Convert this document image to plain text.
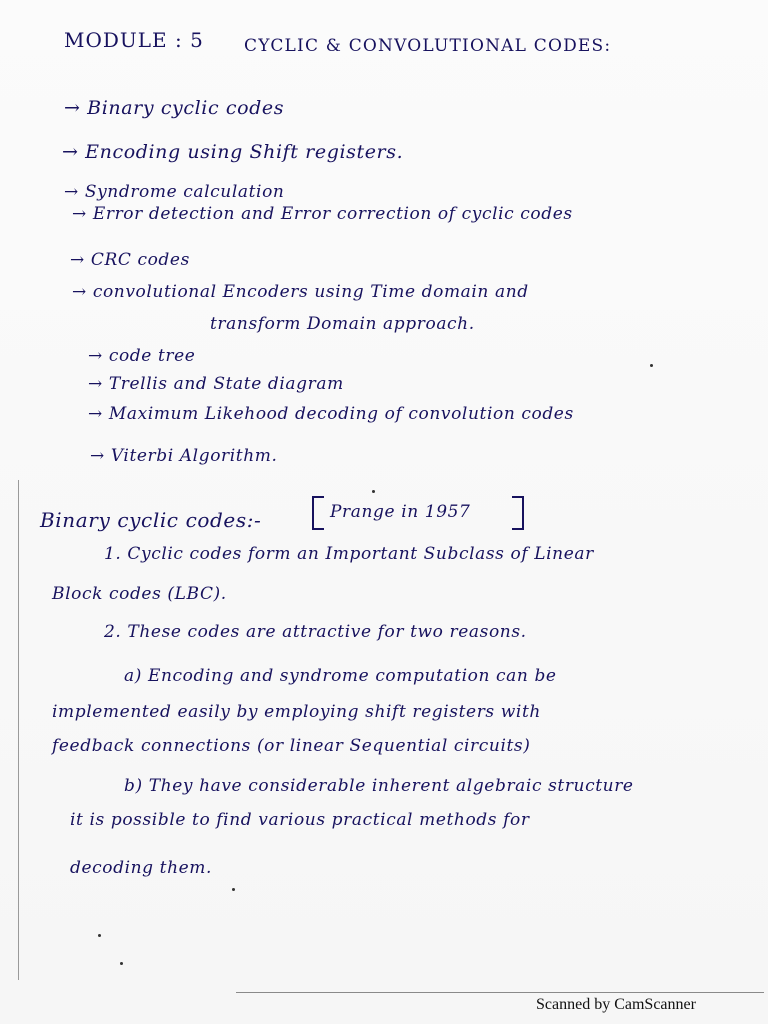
MODULE : 5 CYCLIC & CONVOLUTIONAL CODES:
→ Binary cyclic codes
→ Encoding using Shift registers.
→ Syndrome calculation
→ Error detection and Error correction of cyclic codes
→ CRC codes
→ convolutional Encoders using Time domain and
transform Domain approach.
→ code tree
→ Trellis and State diagram
→ Maximum Likehood decoding of convolution codes
→ Viterbi Algorithm.
Binary cyclic codes:-	Prange in 1957
1. Cyclic codes form an Important Subclass of Linear
Block codes (LBC).
2. These codes are attractive for two reasons.
a) Encoding and syndrome computation can be
implemented easily by employing shift registers with
feedback connections (or linear Sequential circuits)
b) They have considerable inherent algebraic structure
it is possible to find various practical methods for
decoding them.
Scanned by CamScanner
